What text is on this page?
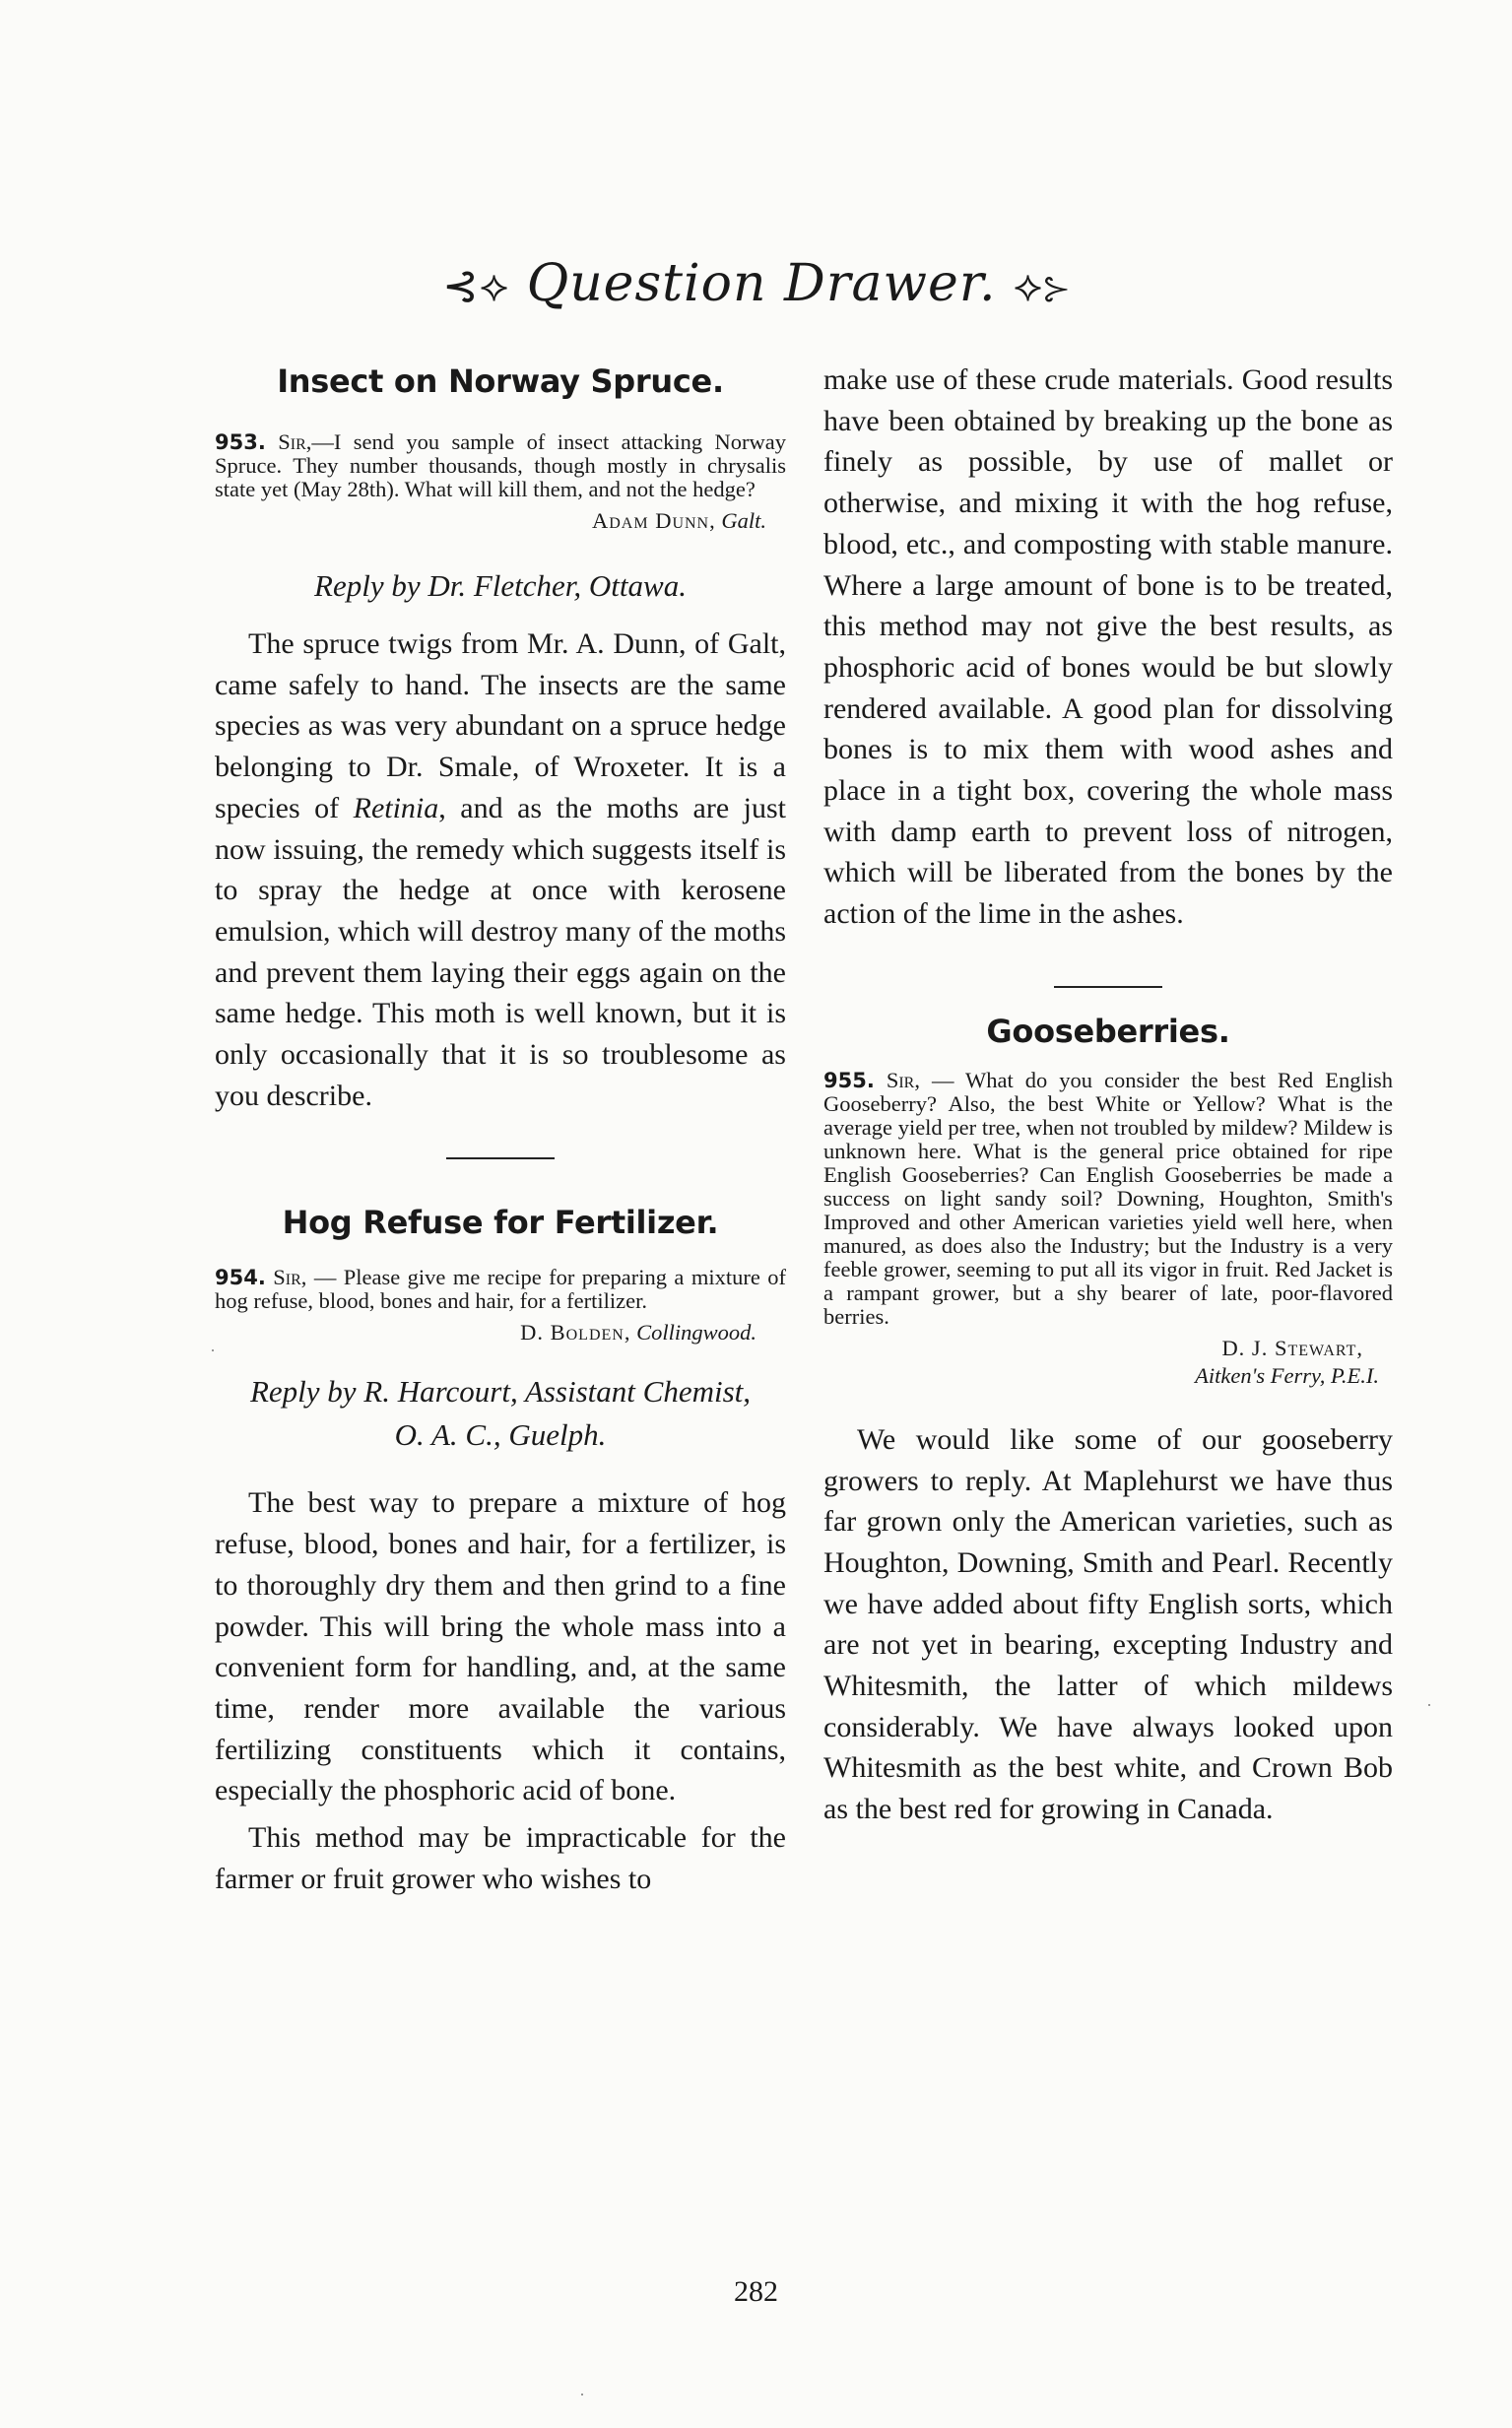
⊰⟡ Question Drawer. ⟡⊱
Insect on Norway Spruce.

953. Sir,—I send you sample of insect attacking Norway Spruce. They number thousands, though mostly in chrysalis state yet (May 28th). What will kill them, and not the hedge?

Adam Dunn, Galt.

Reply by Dr. Fletcher, Ottawa.

The spruce twigs from Mr. A. Dunn, of Galt, came safely to hand. The insects are the same species as was very abundant on a spruce hedge belonging to Dr. Smale, of Wroxeter. It is a species of Retinia, and as the moths are just now issuing, the remedy which suggests itself is to spray the hedge at once with kerosene emulsion, which will destroy many of the moths and prevent them laying their eggs again on the same hedge. This moth is well known, but it is only occasionally that it is so troublesome as you describe.

Hog Refuse for Fertilizer.

954. Sir, — Please give me recipe for preparing a mixture of hog refuse, blood, bones and hair, for a fertilizer.

D. Bolden, Collingwood.

Reply by R. Harcourt, Assistant Chemist,

O. A. C., Guelph.

The best way to prepare a mixture of hog refuse, blood, bones and hair, for a fertilizer, is to thoroughly dry them and then grind to a fine powder. This will bring the whole mass into a convenient form for handling, and, at the same time, render more available the various fertilizing constituents which it contains, especially the phosphoric acid of bone.

This method may be impracticable for the farmer or fruit grower who wishes to

make use of these crude materials. Good results have been obtained by breaking up the bone as finely as possible, by use of mallet or otherwise, and mixing it with the hog refuse, blood, etc., and composting with stable manure. Where a large amount of bone is to be treated, this method may not give the best results, as phosphoric acid of bones would be but slowly rendered available. A good plan for dissolving bones is to mix them with wood ashes and place in a tight box, covering the whole mass with damp earth to prevent loss of nitrogen, which will be liberated from the bones by the action of the lime in the ashes.

Gooseberries.

955. Sir, — What do you consider the best Red English Gooseberry? Also, the best White or Yellow? What is the average yield per tree, when not troubled by mildew? Mildew is unknown here. What is the general price obtained for ripe English Gooseberries? Can English Gooseberries be made a success on light sandy soil? Downing, Houghton, Smith's Improved and other American varieties yield well here, when manured, as does also the Industry; but the Industry is a very feeble grower, seeming to put all its vigor in fruit. Red Jacket is a rampant grower, but a shy bearer of late, poor-flavored berries.

D. J. Stewart,

Aitken's Ferry, P.E.I.

We would like some of our gooseberry growers to reply. At Maplehurst we have thus far grown only the American varieties, such as Houghton, Downing, Smith and Pearl. Recently we have added about fifty English sorts, which are not yet in bearing, excepting Industry and Whitesmith, the latter of which mildews considerably. We have always looked upon Whitesmith as the best white, and Crown Bob as the best red for growing in Canada.

282
